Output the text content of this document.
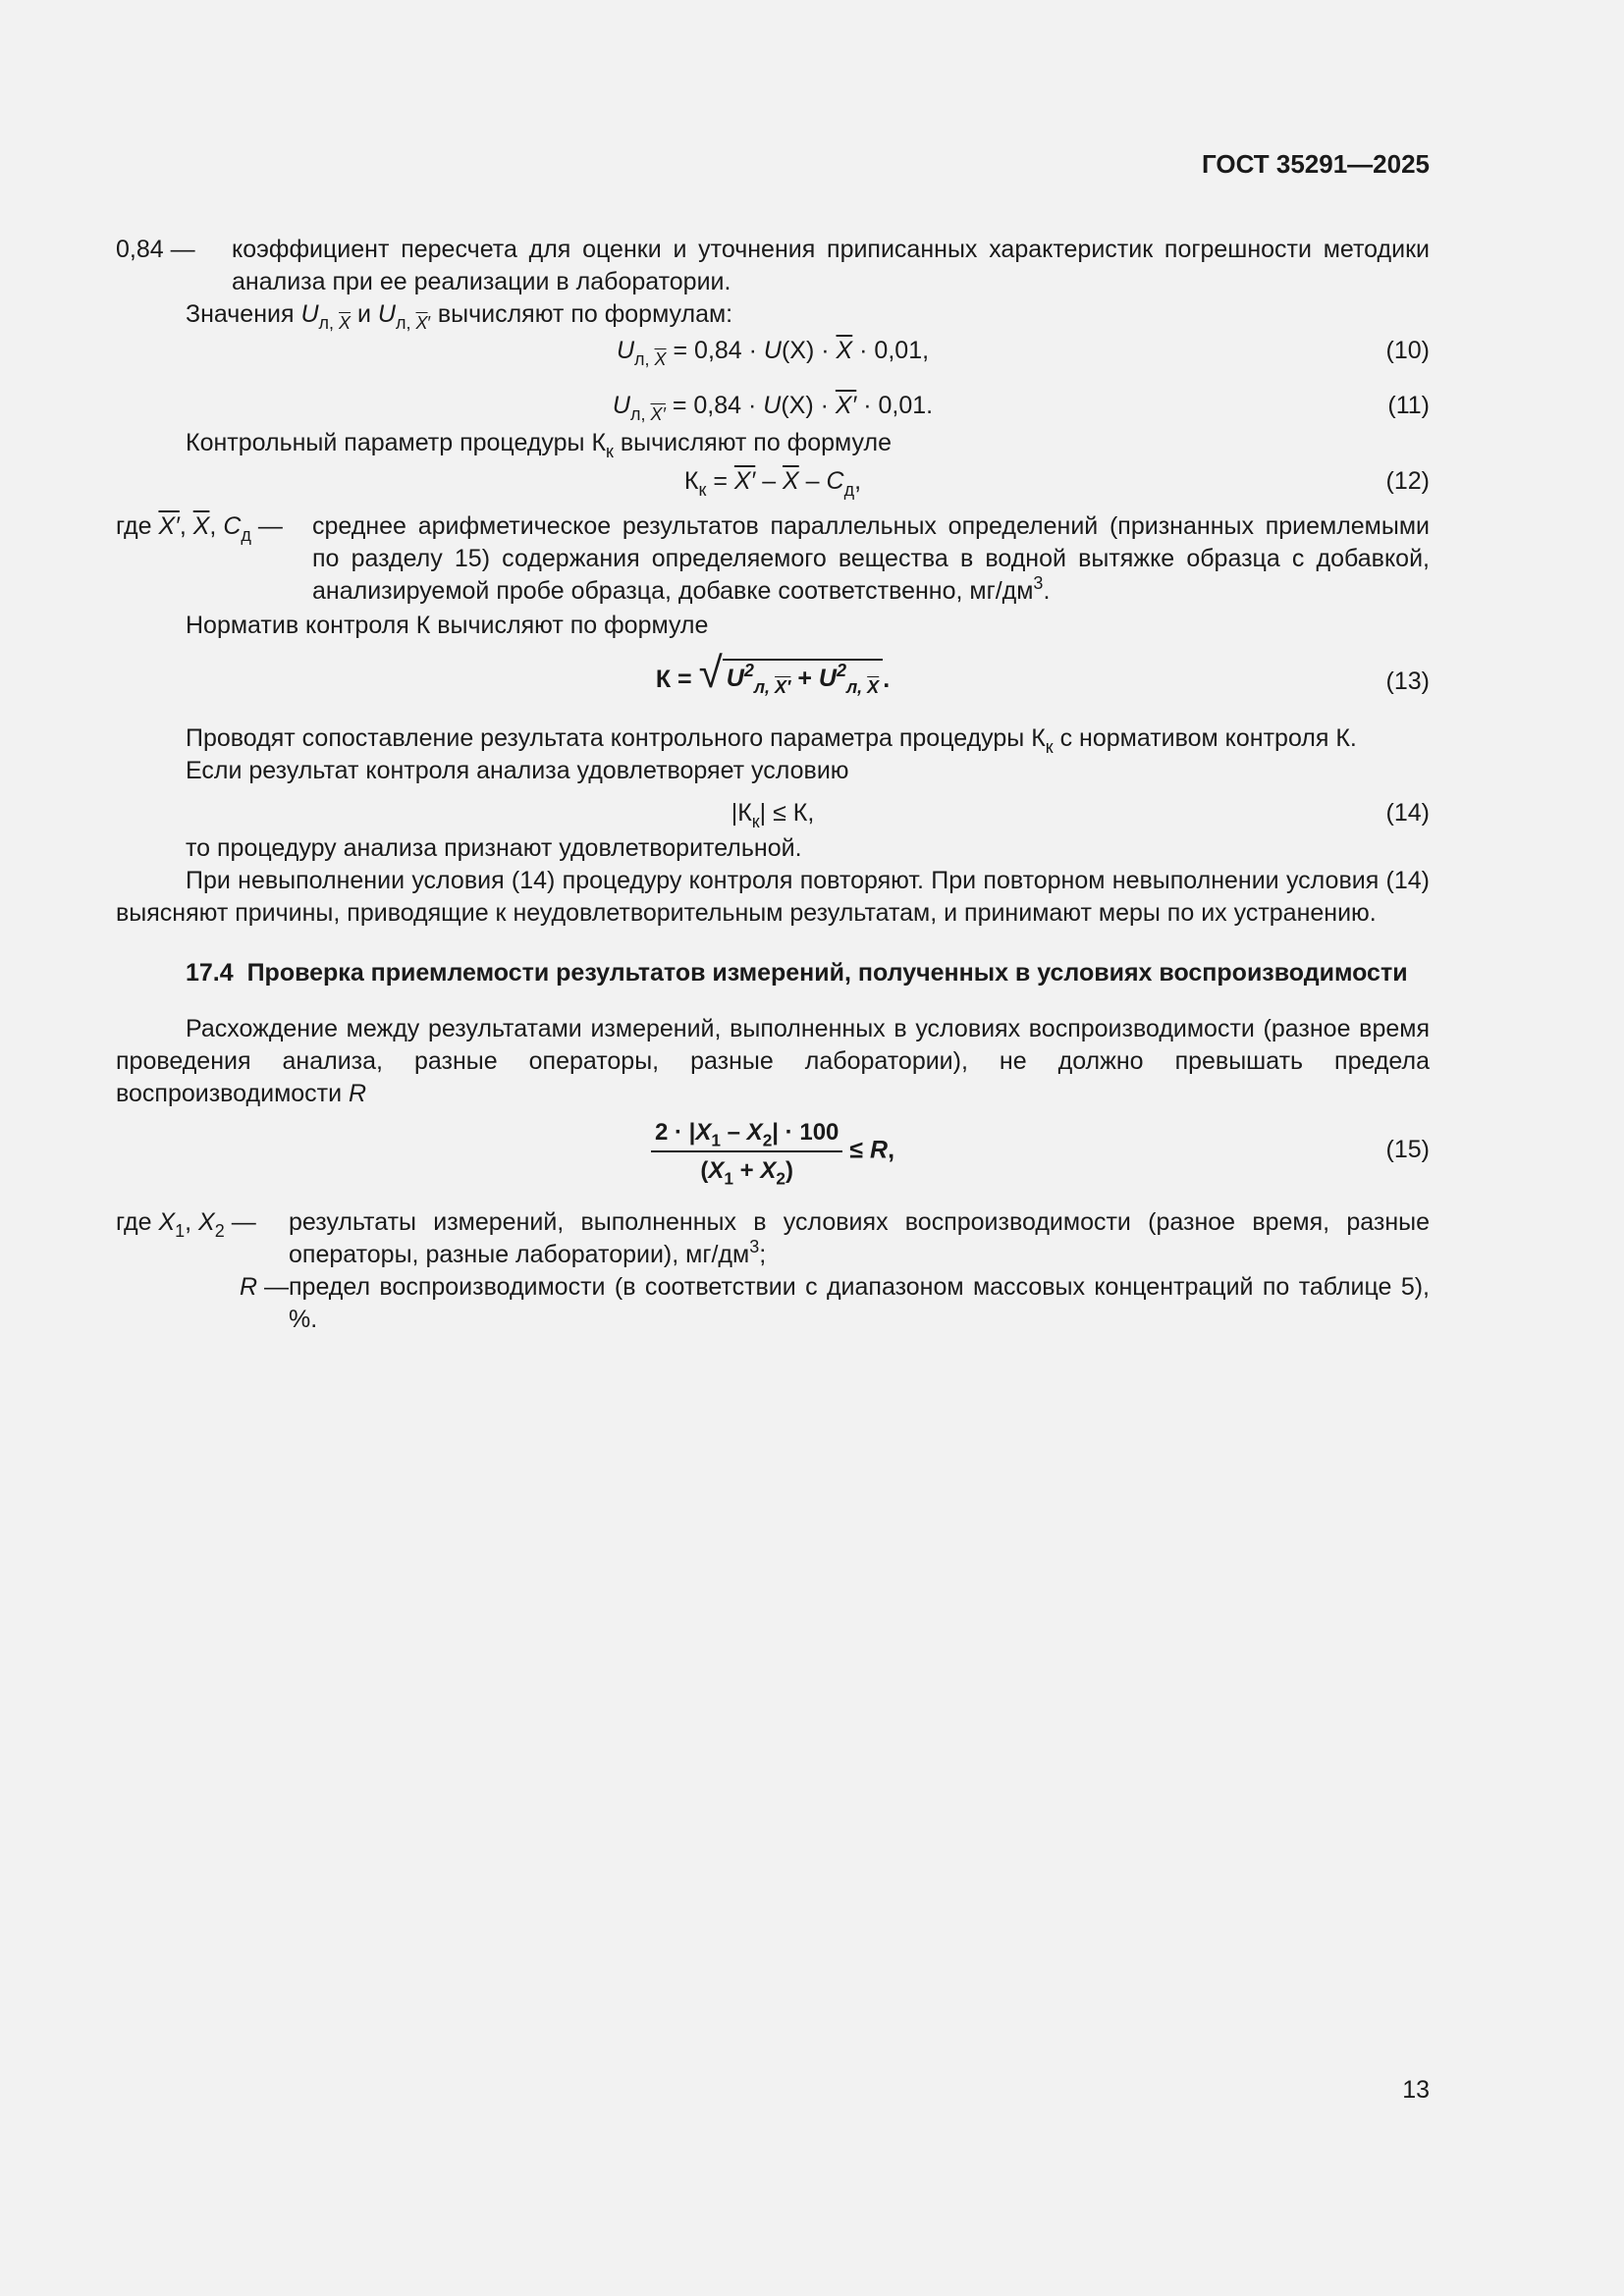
ГОСТ 35291—2025
0,84 —	коэффициент пересчета для оценки и уточнения приписанных характеристик погрешности методики анализа при ее реализации в лаборатории.

Значения $U_{л, \overline{X}}$ и $U_{л, \overline{X}'}$ вычисляют по формулам:

$U_{л, \overline{X}} = 0,84 \cdot U(X) \cdot \overline{X} \cdot 0,01$,	(10)
$U_{л, X'} = 0,84 \cdot U(X) \cdot X' \cdot 0,01$.	(11)

Контрольный параметр процедуры $К_к$ вычисляют по формуле

$К_к = X' - \overline{X} - C_д$,	(12)
где X′, $\overline{X}$, $C_д$ —	среднее арифметическое результатов параллельных определений (признанных приемлемыми по разделу 15) содержания определяемого вещества в водной вытяжке образца с добавкой, анализируемой пробе образца, добавке соответственно, $мг/дм^3$.

Норматив контроля К вычисляют по формуле

К = √ $U^2_{л, X'} + U^2_{л, \overline{X}}$ .	(13)

Проводят сопоставление результата контрольного параметра процедуры $К_к$ с нормативом контроля К.

Если результат контроля анализа удовлетворяет условию

$|К_к| \le К$,	(14)

то процедуру анализа признают удовлетворительной.

При невыполнении условия (14) процедуру контроля повторяют. При повторном невыполнении условия (14) выясняют причины, приводящие к неудовлетворительным результатам, и принимают меры по их устранению.

17.4 Проверка приемлемости результатов измерений, полученных в условиях воспроизводимости

Расхождение между результатами измерений, выполненных в условиях воспроизводимости (разное время проведения анализа, разные операторы, разные лаборатории), не должно превышать предела воспроизводимости R

$\frac{2 \cdot |X_1 - X_2| \cdot 100}{(X_1 + X_2)} \le R$,	(15)
где $X_1$, $X_2$ —	результаты измерений, выполненных в условиях воспроизводимости (разное время, разные операторы, разные лаборатории), $мг/дм^3$;
R — предел воспроизводимости (в соответствии с диапазоном массовых концентраций по таблице 5), %.
13
